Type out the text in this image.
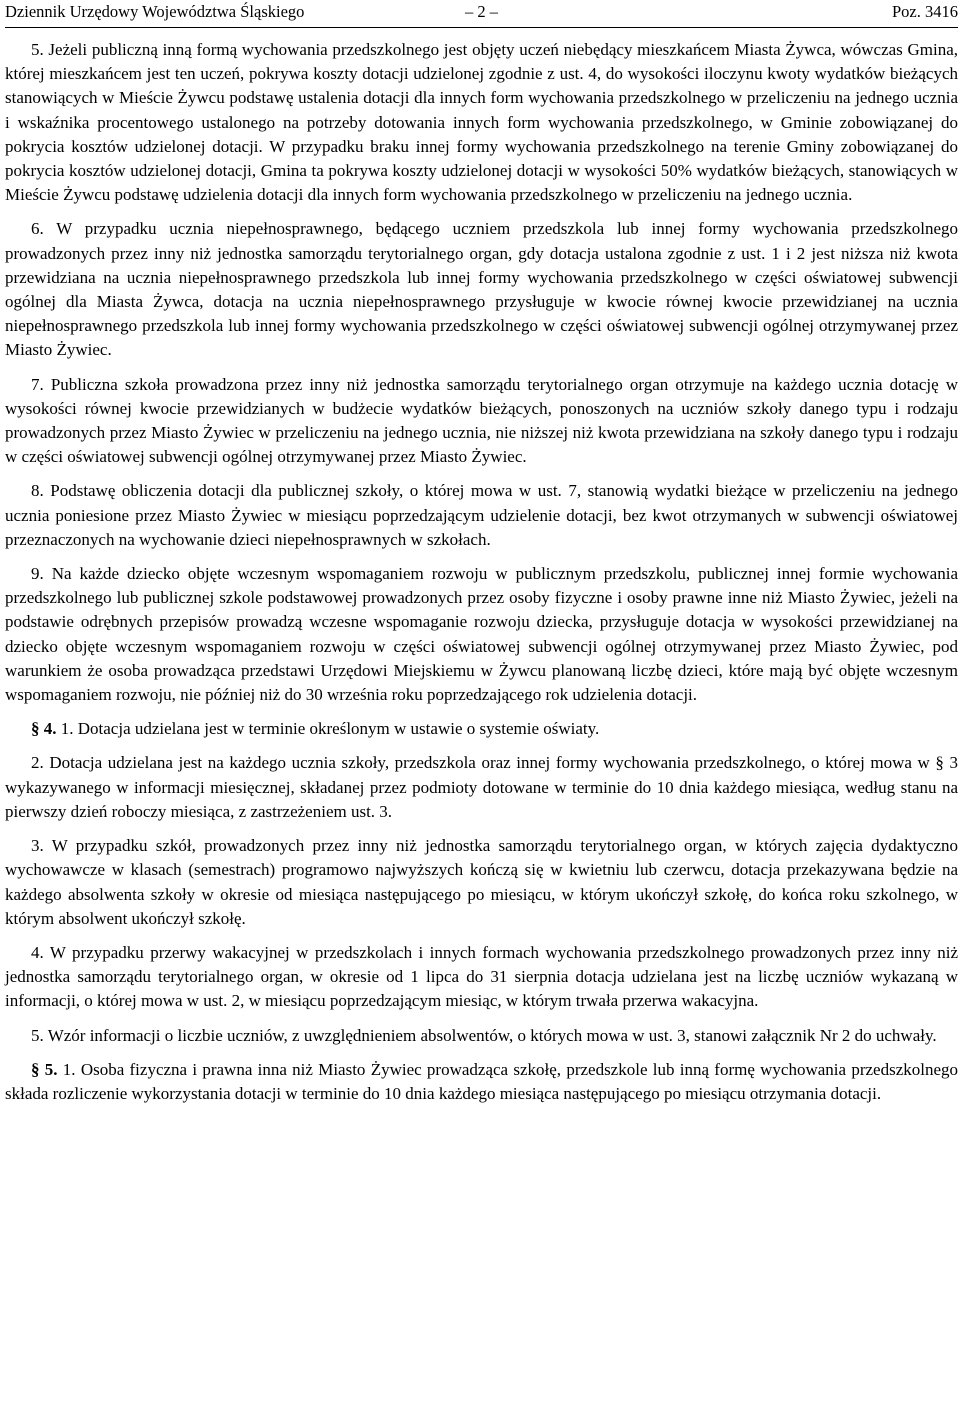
Dziennik Urzędowy Województwa Śląskiego	– 2 –	Poz. 3416

5. Jeżeli publiczną inną formą wychowania przedszkolnego jest objęty uczeń niebędący mieszkańcem Miasta Żywca, wówczas Gmina, której mieszkańcem jest ten uczeń, pokrywa koszty dotacji udzielonej zgodnie z ust. 4, do wysokości iloczynu kwoty wydatków bieżących stanowiących w Mieście Żywcu podstawę ustalenia dotacji dla innych form wychowania przedszkolnego w przeliczeniu na jednego ucznia i wskaźnika procentowego ustalonego na potrzeby dotowania innych form wychowania przedszkolnego, w Gminie zobowiązanej do pokrycia kosztów udzielonej dotacji. W przypadku braku innej formy wychowania przedszkolnego na terenie Gminy zobowiązanej do pokrycia kosztów udzielonej dotacji, Gmina ta pokrywa koszty udzielonej dotacji w wysokości 50% wydatków bieżących, stanowiących w Mieście Żywcu podstawę udzielenia dotacji dla innych form wychowania przedszkolnego w przeliczeniu na jednego ucznia.

6. W przypadku ucznia niepełnosprawnego, będącego uczniem przedszkola lub innej formy wychowania przedszkolnego prowadzonych przez inny niż jednostka samorządu terytorialnego organ, gdy dotacja ustalona zgodnie z ust. 1 i 2 jest niższa niż kwota przewidziana na ucznia niepełnosprawnego przedszkola lub innej formy wychowania przedszkolnego w części oświatowej subwencji ogólnej dla Miasta Żywca, dotacja na ucznia niepełnosprawnego przysługuje w kwocie równej kwocie przewidzianej na ucznia niepełnosprawnego przedszkola lub innej formy wychowania przedszkolnego w części oświatowej subwencji ogólnej otrzymywanej przez Miasto Żywiec.

7. Publiczna szkoła prowadzona przez inny niż jednostka samorządu terytorialnego organ otrzymuje na każdego ucznia dotację w wysokości równej kwocie przewidzianych w budżecie wydatków bieżących, ponoszonych na uczniów szkoły danego typu i rodzaju prowadzonych przez Miasto Żywiec w przeliczeniu na jednego ucznia, nie niższej niż kwota przewidziana na szkoły danego typu i rodzaju w części oświatowej subwencji ogólnej otrzymywanej przez Miasto Żywiec.

8. Podstawę obliczenia dotacji dla publicznej szkoły, o której mowa w ust. 7, stanowią wydatki bieżące w przeliczeniu na jednego ucznia poniesione przez Miasto Żywiec w miesiącu poprzedzającym udzielenie dotacji, bez kwot otrzymanych w subwencji oświatowej przeznaczonych na wychowanie dzieci niepełnosprawnych w szkołach.

9. Na każde dziecko objęte wczesnym wspomaganiem rozwoju w publicznym przedszkolu, publicznej innej formie wychowania przedszkolnego lub publicznej szkole podstawowej prowadzonych przez osoby fizyczne i osoby prawne inne niż Miasto Żywiec, jeżeli na podstawie odrębnych przepisów prowadzą wczesne wspomaganie rozwoju dziecka, przysługuje dotacja w wysokości przewidzianej na dziecko objęte wczesnym wspomaganiem rozwoju w części oświatowej subwencji ogólnej otrzymywanej przez Miasto Żywiec, pod warunkiem że osoba prowadząca przedstawi Urzędowi Miejskiemu w Żywcu planowaną liczbę dzieci, które mają być objęte wczesnym wspomaganiem rozwoju, nie później niż do 30 września roku poprzedzającego rok udzielenia dotacji.

§ 4. 1. Dotacja udzielana jest w terminie określonym w ustawie o systemie oświaty.

2. Dotacja udzielana jest na każdego ucznia szkoły, przedszkola oraz innej formy wychowania przedszkolnego, o której mowa w § 3 wykazywanego w informacji miesięcznej, składanej przez podmioty dotowane w terminie do 10 dnia każdego miesiąca, według stanu na pierwszy dzień roboczy miesiąca, z zastrzeżeniem ust. 3.

3. W przypadku szkół, prowadzonych przez inny niż jednostka samorządu terytorialnego organ, w których zajęcia dydaktyczno wychowawcze w klasach (semestrach) programowo najwyższych kończą się w kwietniu lub czerwcu, dotacja przekazywana będzie na każdego absolwenta szkoły w okresie od miesiąca następującego po miesiącu, w którym ukończył szkołę, do końca roku szkolnego, w którym absolwent ukończył szkołę.

4. W przypadku przerwy wakacyjnej w przedszkolach i innych formach wychowania przedszkolnego prowadzonych przez inny niż jednostka samorządu terytorialnego organ, w okresie od 1 lipca do 31 sierpnia dotacja udzielana jest na liczbę uczniów wykazaną w informacji, o której mowa w ust. 2, w miesiącu poprzedzającym miesiąc, w którym trwała przerwa wakacyjna.

5. Wzór informacji o liczbie uczniów, z uwzględnieniem absolwentów, o których mowa w ust. 3, stanowi załącznik Nr 2 do uchwały.

§ 5. 1. Osoba fizyczna i prawna inna niż Miasto Żywiec prowadząca szkołę, przedszkole lub inną formę wychowania przedszkolnego składa rozliczenie wykorzystania dotacji w terminie do 10 dnia każdego miesiąca następującego po miesiącu otrzymania dotacji.
